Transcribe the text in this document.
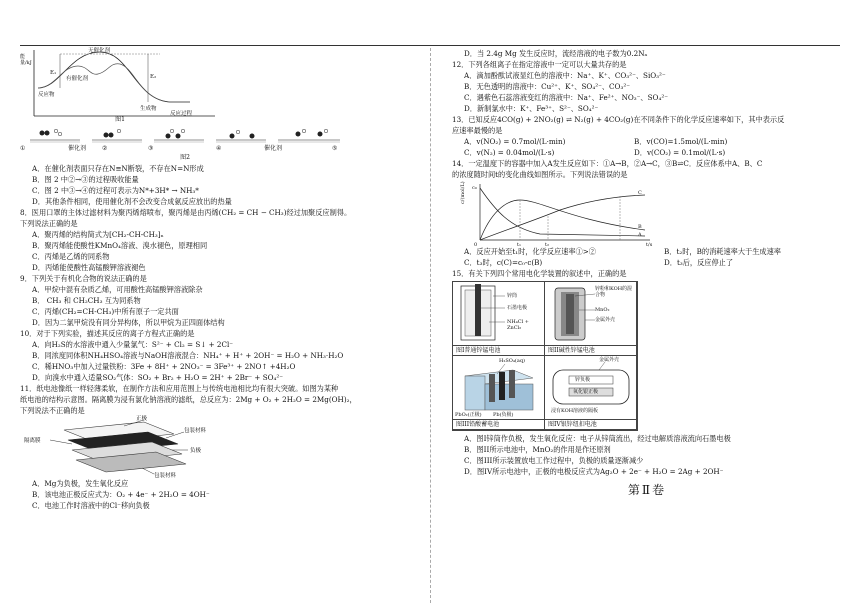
能量/kJ
无催化剂
有催化剂
E₁
E₂
反应物
生成物
反应过程
图1
①	催化剂	②	③	④	催化剂	⑤
图2

A．在催化剂表面只存在N≡N断裂，不存在N=N形成

B．图 2 中②→③的过程吸收能量

C．图 2 中③→④的过程可表示为N*+3H* → NH₃*

D．其他条件相同，使用催化剂不会改变合成氨反应放出的热量

8．医用口罩的主体过滤材料为聚丙烯熔喷布，聚丙烯是由丙烯(CH₂ = CH − CH₃)经过加聚反应制得。

下列说法正确的是

A．聚丙烯的结构简式为[CH₂-CH-CH₃]ₙ

B．聚丙烯能使酸性KMnO₄溶液、溴水褪色，原理相同

C．丙烯是乙烯的同系物

D．丙烯能使酸性高锰酸钾溶液褪色

9．下列关于有机化合物的说法正确的是

A．甲烷中混有杂质乙烯，可用酸性高锰酸钾溶液除杂

B． CH₃ 和 CH₂CH₃ 互为同系物

C．丙烯(CH₂=CH-CH₃)中所有原子一定共面

D．因为二氯甲烷没有同分异构体，所以甲烷为正四面体结构

10．对于下列实验，描述其反应的离子方程式正确的是

A．向H₂S的水溶液中通入少量氯气：S²⁻ + Cl₂ = S↓ + 2Cl⁻

B．同浓度同体积NH₄HSO₄溶液与NaOH溶液混合：NH₄⁺ + H⁺ + 2OH⁻ = H₂O + NH₃·H₂O

C．稀HNO₃中加入过量铁粉：3Fe + 8H⁺ + 2NO₃⁻ = 3Fe³⁺ + 2NO↑ +4H₂O

D．向溴水中通入适量SO₂气体：SO₂ + Br₂ + H₂O = 2H⁺ + 2Br⁻ + SO₄²⁻

11．纸电池像纸一样轻薄柔软，在制作方法和应用范围上与传统电池相比均有很大突破。如图为某种

纸电池的结构示意图。隔离膜为浸有氯化钠溶液的滤纸，总反应为：2Mg + O₂ + 2H₂O = 2Mg(OH)₂，

下列说法不正确的是

正极
隔离膜
包装材料
负极
包装材料

A．Mg为负极，发生氧化反应

B．该电池正极反应式为：O₂ + 4e⁻ + 2H₂O = 4OH⁻

C．电池工作时溶液中的Cl⁻移向负极

D．当 2.4g Mg 发生反应时，流经溶液的电子数为0.2Nₐ

12．下列各组离子在指定溶液中一定可以大量共存的是

A．滴加酚酞试液显红色的溶液中：Na⁺、K⁺、CO₃²⁻、SiO₃²⁻

B．无色透明的溶液中：Cu²⁺、K⁺、SO₄²⁻、CO₃²⁻

C．遇紫色石蕊溶液变红的溶液中：Na⁺、Fe²⁺、NO₃⁻、SO₄²⁻

D．新制氯水中：K⁺、Fe³⁺、S²⁻、SO₄²⁻

13．已知反应4CO(g) + 2NO₂(g) ⇌ N₂(g) + 4CO₂(g)在不同条件下的化学反应速率如下，其中表示反

应速率最慢的是

A．v(NO₂) = 0.7mol/(L·min)	B．v(CO)=1.5mol/(L·min)

C．v(N₂) = 0.04mol/(L·s)	D．v(CO₂) = 0.1mol/(L·s)

14．一定温度下的容器中加入A发生反应如下：①A→B，②A→C，③B⇌C．反应体系中A、B、C

的浓度随时间t的变化曲线如图所示。下列说法错误的是

c/(mol/L)	c₀
C
B
A
0	t₁	t₂	t/s

A．反应开始至t₁时，化学反应速率①>②	B．t₂时，B的消耗速率大于生成速率

C．t₃时，c(C)=c₀-c(B)	D．t₃后，反应停止了

15．有关下列四个常用电化学装置的叙述中，正确的是

锌筒
石墨电极
NH₄Cl + ZnCl₂
锌粉和KOH的混合物
MnO₂
金属外壳
图I普通锌锰电池	图II碱性锌锰电池
H₂SO₄(aq)
PbO₂(正极) Pb(负极)
金属外壳
锌负极
氧化银正极
浸有KOH溶液的隔板
图III铅酸蓄电池	图IV银锌纽扣电池

A．图I锌筒作负极，发生氧化反应：电子从锌筒流出，经过电解质溶液流向石墨电极

B．图II所示电池中，MnO₂的作用是作还原剂

C．图III所示装置放电工作过程中，负极的质量逐渐减少

D．图IV所示电池中，正极的电极反应式为Ag₂O + 2e⁻ + H₂O = 2Ag + 2OH⁻

第Ⅱ卷
